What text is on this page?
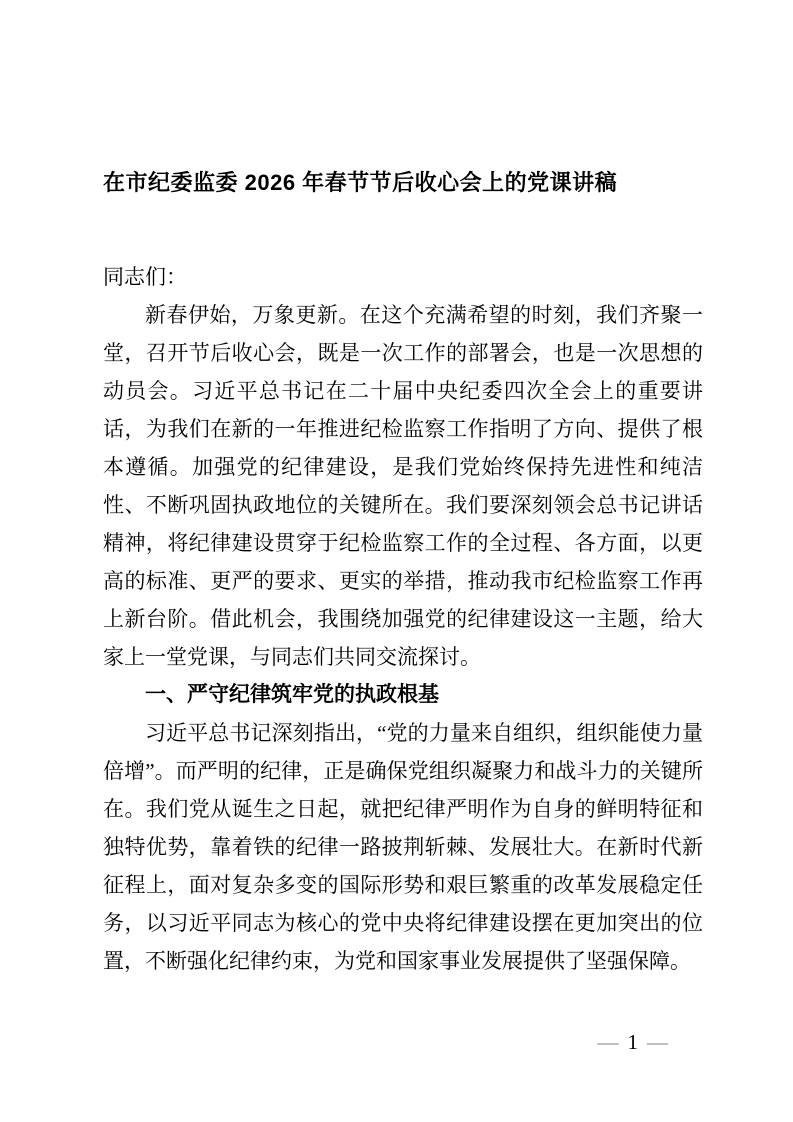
在市纪委监委 2026 年春节节后收心会上的党课讲稿

同志们：

新春伊始，万象更新。在这个充满希望的时刻，我们齐聚一堂，召开节后收心会，既是一次工作的部署会，也是一次思想的动员会。习近平总书记在二十届中央纪委四次全会上的重要讲话，为我们在新的一年推进纪检监察工作指明了方向、提供了根本遵循。加强党的纪律建设，是我们党始终保持先进性和纯洁性、不断巩固执政地位的关键所在。我们要深刻领会总书记讲话精神，将纪律建设贯穿于纪检监察工作的全过程、各方面，以更高的标准、更严的要求、更实的举措，推动我市纪检监察工作再上新台阶。借此机会，我围绕加强党的纪律建设这一主题，给大家上一堂党课，与同志们共同交流探讨。

一、严守纪律筑牢党的执政根基

习近平总书记深刻指出，“党的力量来自组织，组织能使力量倍增”。而严明的纪律，正是确保党组织凝聚力和战斗力的关键所在。我们党从诞生之日起，就把纪律严明作为自身的鲜明特征和独特优势，靠着铁的纪律一路披荆斩棘、发展壮大。在新时代新征程上，面对复杂多变的国际形势和艰巨繁重的改革发展稳定任务，以习近平同志为核心的党中央将纪律建设摆在更加突出的位置，不断强化纪律约束，为党和国家事业发展提供了坚强保障。

— 1 —
